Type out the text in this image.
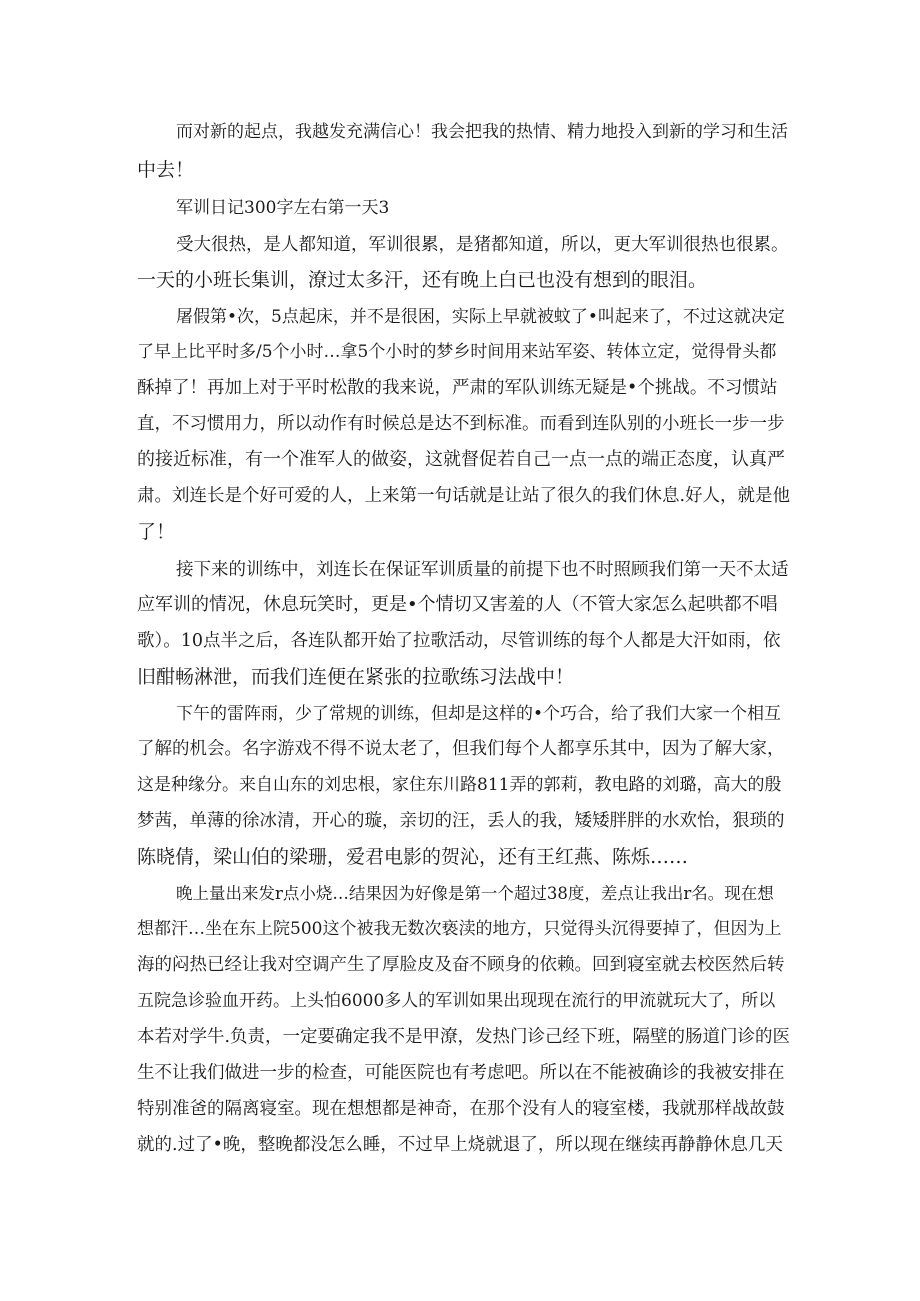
而对新的起点，我越发充满信心！我会把我的热情、精力地投入到新的学习和生活
中去！
军训日记300字左右第一天3
受大很热，是人都知道，军训很累，是猪都知道，所以，更大军训很热也很累。
一天的小班长集训，潦过太多汗，还有晚上白已也没有想到的眼泪。
屠假第•次，5点起床，并不是很困，实际上早就被蚊了•叫起来了，不过这就决定
了早上比平时多/5个小时…拿5个小时的梦乡时间用来站军姿、转体立定，觉得骨头都
酥掉了！再加上对于平时松散的我来说，严肃的军队训练无疑是•个挑战。不习惯站
直，不习惯用力，所以动作有时候总是达不到标准。而看到连队别的小班长一步一步
的接近标准，有一个准军人的做姿，这就督促若自己一点一点的端正态度，认真严
肃。刘连长是个好可爱的人，上来第一句话就是让站了很久的我们休息.好人，就是他
了！
接下来的训练中，刘连长在保证军训质量的前提下也不时照顾我们第一天不太适
应军训的情况，休息玩笑时，更是•个情切又害羞的人（不管大家怎么起哄都不唱
歌）。10点半之后，各连队都开始了拉歌活动，尽管训练的每个人都是大汗如雨，依
旧酣畅淋泄，而我们连便在紧张的拉歌练习法战中！
下午的雷阵雨，少了常规的训练，但却是这样的•个巧合，给了我们大家一个相互
了解的机会。名字游戏不得不说太老了，但我们每个人都享乐其中，因为了解大家，
这是种缘分。来自山东的刘忠根，家住东川路811弄的郭莉，教电路的刘璐，高大的殷
梦茜，单薄的徐冰清，开心的璇，亲切的汪，丢人的我，矮矮胖胖的水欢怡，狠琐的
陈晓倩，梁山伯的梁珊，爱君电影的贺沁，还有王红燕、陈烁……
晚上量出来发r点小烧…结果因为好像是第一个超过38度，差点让我出r名。现在想
想都汗…坐在东上院500这个被我无数次亵渎的地方，只觉得头沉得要掉了，但因为上
海的闷热已经让我对空调产生了厚脸皮及奋不顾身的依赖。回到寝室就去校医然后转
五院急诊验血开药。上头怕6000多人的军训如果出现现在流行的甲流就玩大了，所以
本若对学牛.负责，一定要确定我不是甲潦，发热门诊己经下班，隔壁的肠道门诊的医
生不让我们做进一步的检查，可能医院也有考虑吧。所以在不能被确诊的我被安排在
特别准爸的隔离寝室。现在想想都是神奇，在那个没有人的寝室楼，我就那样战故鼓
就的.过了•晚，整晚都没怎么睡，不过早上烧就退了，所以现在继续再静静休息几天
